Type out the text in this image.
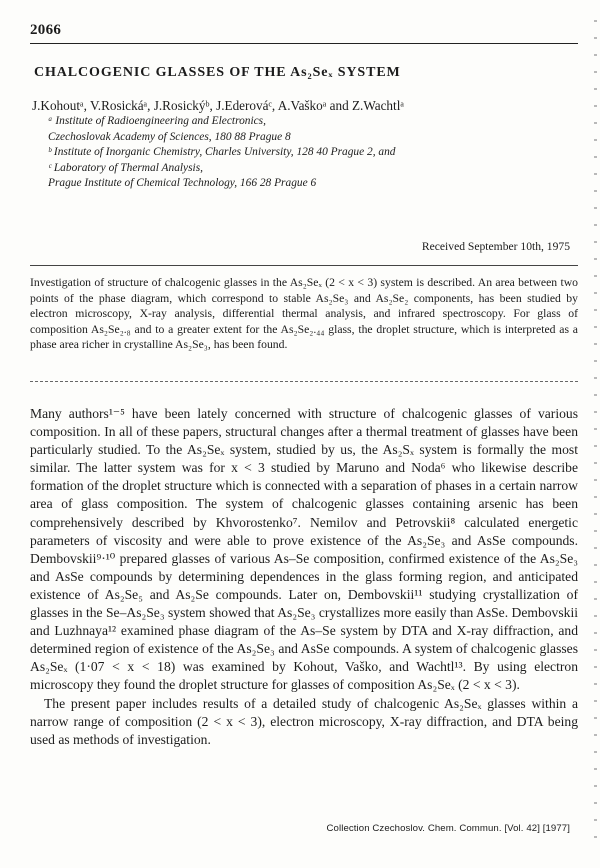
2066
CHALCOGENIC GLASSES OF THE As₂Seₓ SYSTEM
J.Kohoutᵃ, V.Rosickáᵃ, J.Rosickýᵇ, J.Ederováᶜ, A.Vaškoᵃ and Z.Wachtlᵃ
ᵃ Institute of Radioengineering and Electronics,
Czechoslovak Academy of Sciences, 180 88 Prague 8
ᵇ Institute of Inorganic Chemistry, Charles University, 128 40 Prague 2, and
ᶜ Laboratory of Thermal Analysis,
Prague Institute of Chemical Technology, 166 28 Prague 6
Received September 10th, 1975
Investigation of structure of chalcogenic glasses in the As₂Seₓ (2 < x < 3) system is described. An area between two points of the phase diagram, which correspond to stable As₂Se₃ and As₂Se₂ components, has been studied by electron microscopy, X-ray analysis, differential thermal analysis, and infrared spectroscopy. For glass of composition As₂Se₂.₈ and to a greater extent for the As₂Se₂.₄₄ glass, the droplet structure, which is interpreted as a phase area richer in crystalline As₂Se₃, has been found.

Many authors¹⁻⁵ have been lately concerned with structure of chalcogenic glasses of various composition. In all of these papers, structural changes after a thermal treatment of glasses have been particularly studied. To the As₂Seₓ system, studied by us, the As₂Sₓ system is formally the most similar. The latter system was for x < 3 studied by Maruno and Noda⁶ who likewise describe formation of the droplet structure which is connected with a separation of phases in a certain narrow area of glass composition. The system of chalcogenic glasses containing arsenic has been comprehensively described by Khvorostenko⁷. Nemilov and Petrovskii⁸ calculated energetic parameters of viscosity and were able to prove existence of the As₂Se₃ and AsSe compounds. Dembovskii⁹·¹⁰ prepared glasses of various As–Se composition, confirmed existence of the As₂Se₃ and AsSe compounds by determining dependences in the glass forming region, and anticipated existence of As₂Se₅ and As₂Se compounds. Later on, Dembovskii¹¹ studying crystallization of glasses in the Se–As₂Se₃ system showed that As₂Se₃ crystallizes more easily than AsSe. Dembovskii and Luzhnaya¹² examined phase diagram of the As–Se system by DTA and X-ray diffraction, and determined region of existence of the As₂Se₃ and AsSe compounds. A system of chalcogenic glasses As₂Seₓ (1·07 < x < 18) was examined by Kohout, Vaško, and Wachtl¹³. By using electron microscopy they found the droplet structure for glasses of composition As₂Seₓ (2 < x < 3).

The present paper includes results of a detailed study of chalcogenic As₂Seₓ glasses within a narrow range of composition (2 < x < 3), electron microscopy, X-ray diffraction, and DTA being used as methods of investigation.

Collection Czechoslov. Chem. Commun. [Vol. 42] [1977]
